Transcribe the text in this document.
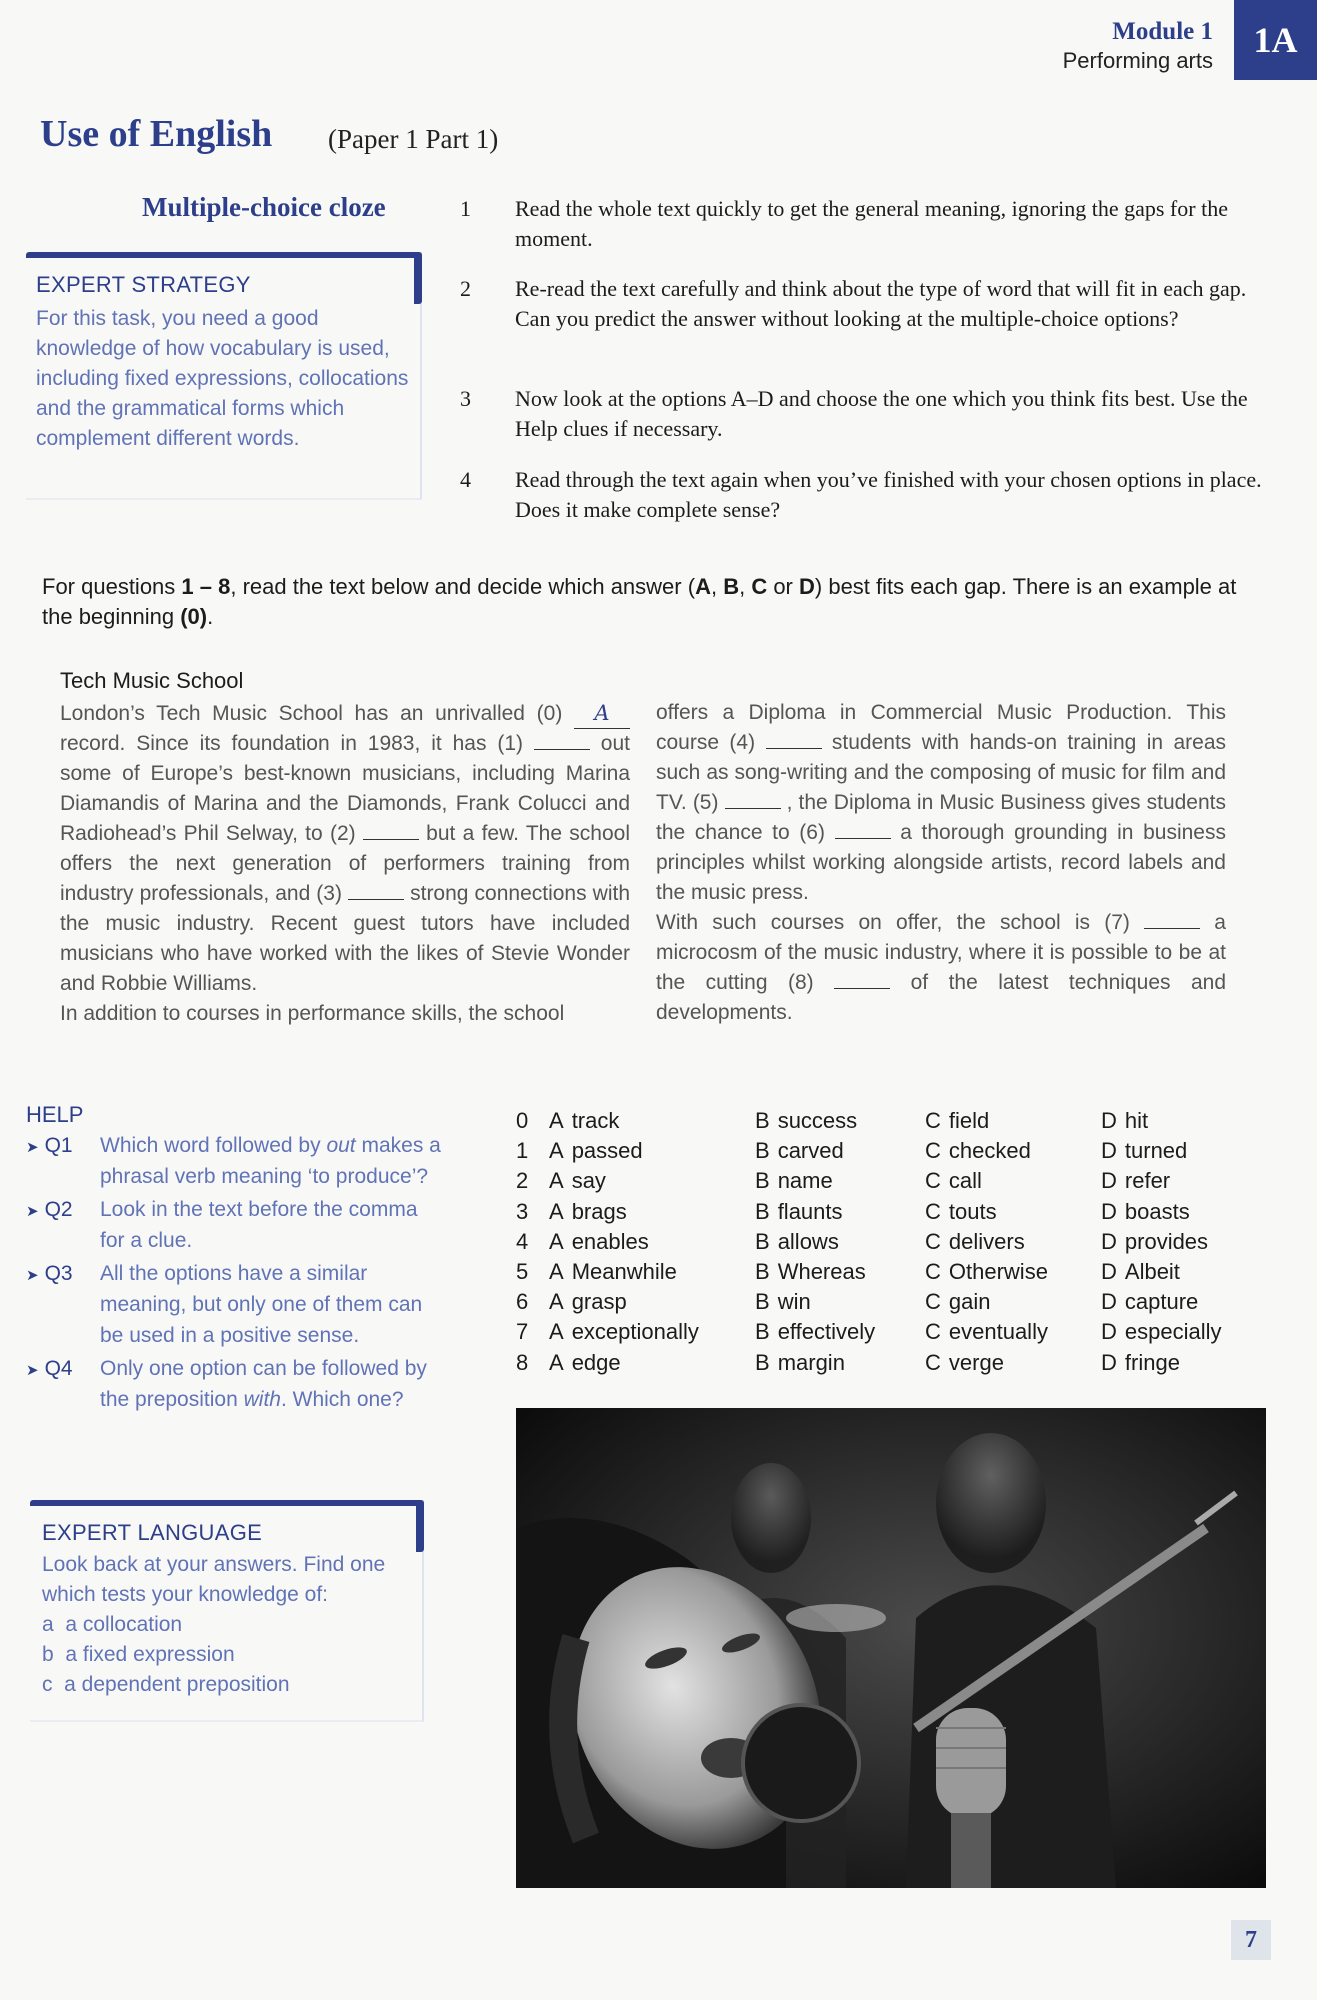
Module 1
Performing arts
1A
Use of English (Paper 1 Part 1)
Multiple-choice cloze
EXPERT STRATEGY
For this task, you need a good knowledge of how vocabulary is used, including fixed expressions, collocations and the grammatical forms which complement different words.
1 Read the whole text quickly to get the general meaning, ignoring the gaps for the moment.
2 Re-read the text carefully and think about the type of word that will fit in each gap. Can you predict the answer without looking at the multiple-choice options?
3 Now look at the options A–D and choose the one which you think fits best. Use the Help clues if necessary.
4 Read through the text again when you’ve finished with your chosen options in place. Does it make complete sense?
For questions 1 – 8, read the text below and decide which answer (A, B, C or D) best fits each gap. There is an example at the beginning (0).
Tech Music School
London’s Tech Music School has an unrivalled (0) A record. Since its foundation in 1983, it has (1)	out some of Europe’s best-known musicians, including Marina Diamandis of Marina and the Diamonds, Frank Colucci and Radiohead’s Phil Selway, to (2)	but a few. The school offers the next generation of performers training from industry professionals, and (3)	strong connections with the music industry. Recent guest tutors have included musicians who have worked with the likes of Stevie Wonder and Robbie Williams.
In addition to courses in performance skills, the school
offers a Diploma in Commercial Music Production. This course (4)	students with hands-on training in areas such as song-writing and the composing of music for film and TV. (5)	, the Diploma in Music Business gives students the chance to (6)	a thorough grounding in business principles whilst working alongside artists, record labels and the music press.
With such courses on offer, the school is (7)	a microcosm of the music industry, where it is possible to be at the cutting (8)	of the latest techniques and developments.
HELP
➤ Q1 Which word followed by out makes a phrasal verb meaning ‘to produce’?
➤ Q2 Look in the text before the comma for a clue.
➤ Q3 All the options have a similar meaning, but only one of them can be used in a positive sense.
➤ Q4 Only one option can be followed by the preposition with. Which one?
EXPERT LANGUAGE
Look back at your answers. Find one which tests your knowledge of:
a a collocation
b a fixed expression
c a dependent preposition
0 A track	B success	C field	D hit
1 A passed	B carved	C checked	D turned
2 A say	B name	C call	D refer
3 A brags	B flaunts	C touts	D boasts
4 A enables	B allows	C delivers	D provides
5 A Meanwhile	B Whereas	C Otherwise	D Albeit
6 A grasp	B win	C gain	D capture
7 A exceptionally	B effectively	C eventually	D especially
8 A edge	B margin	C verge	D fringe
7
